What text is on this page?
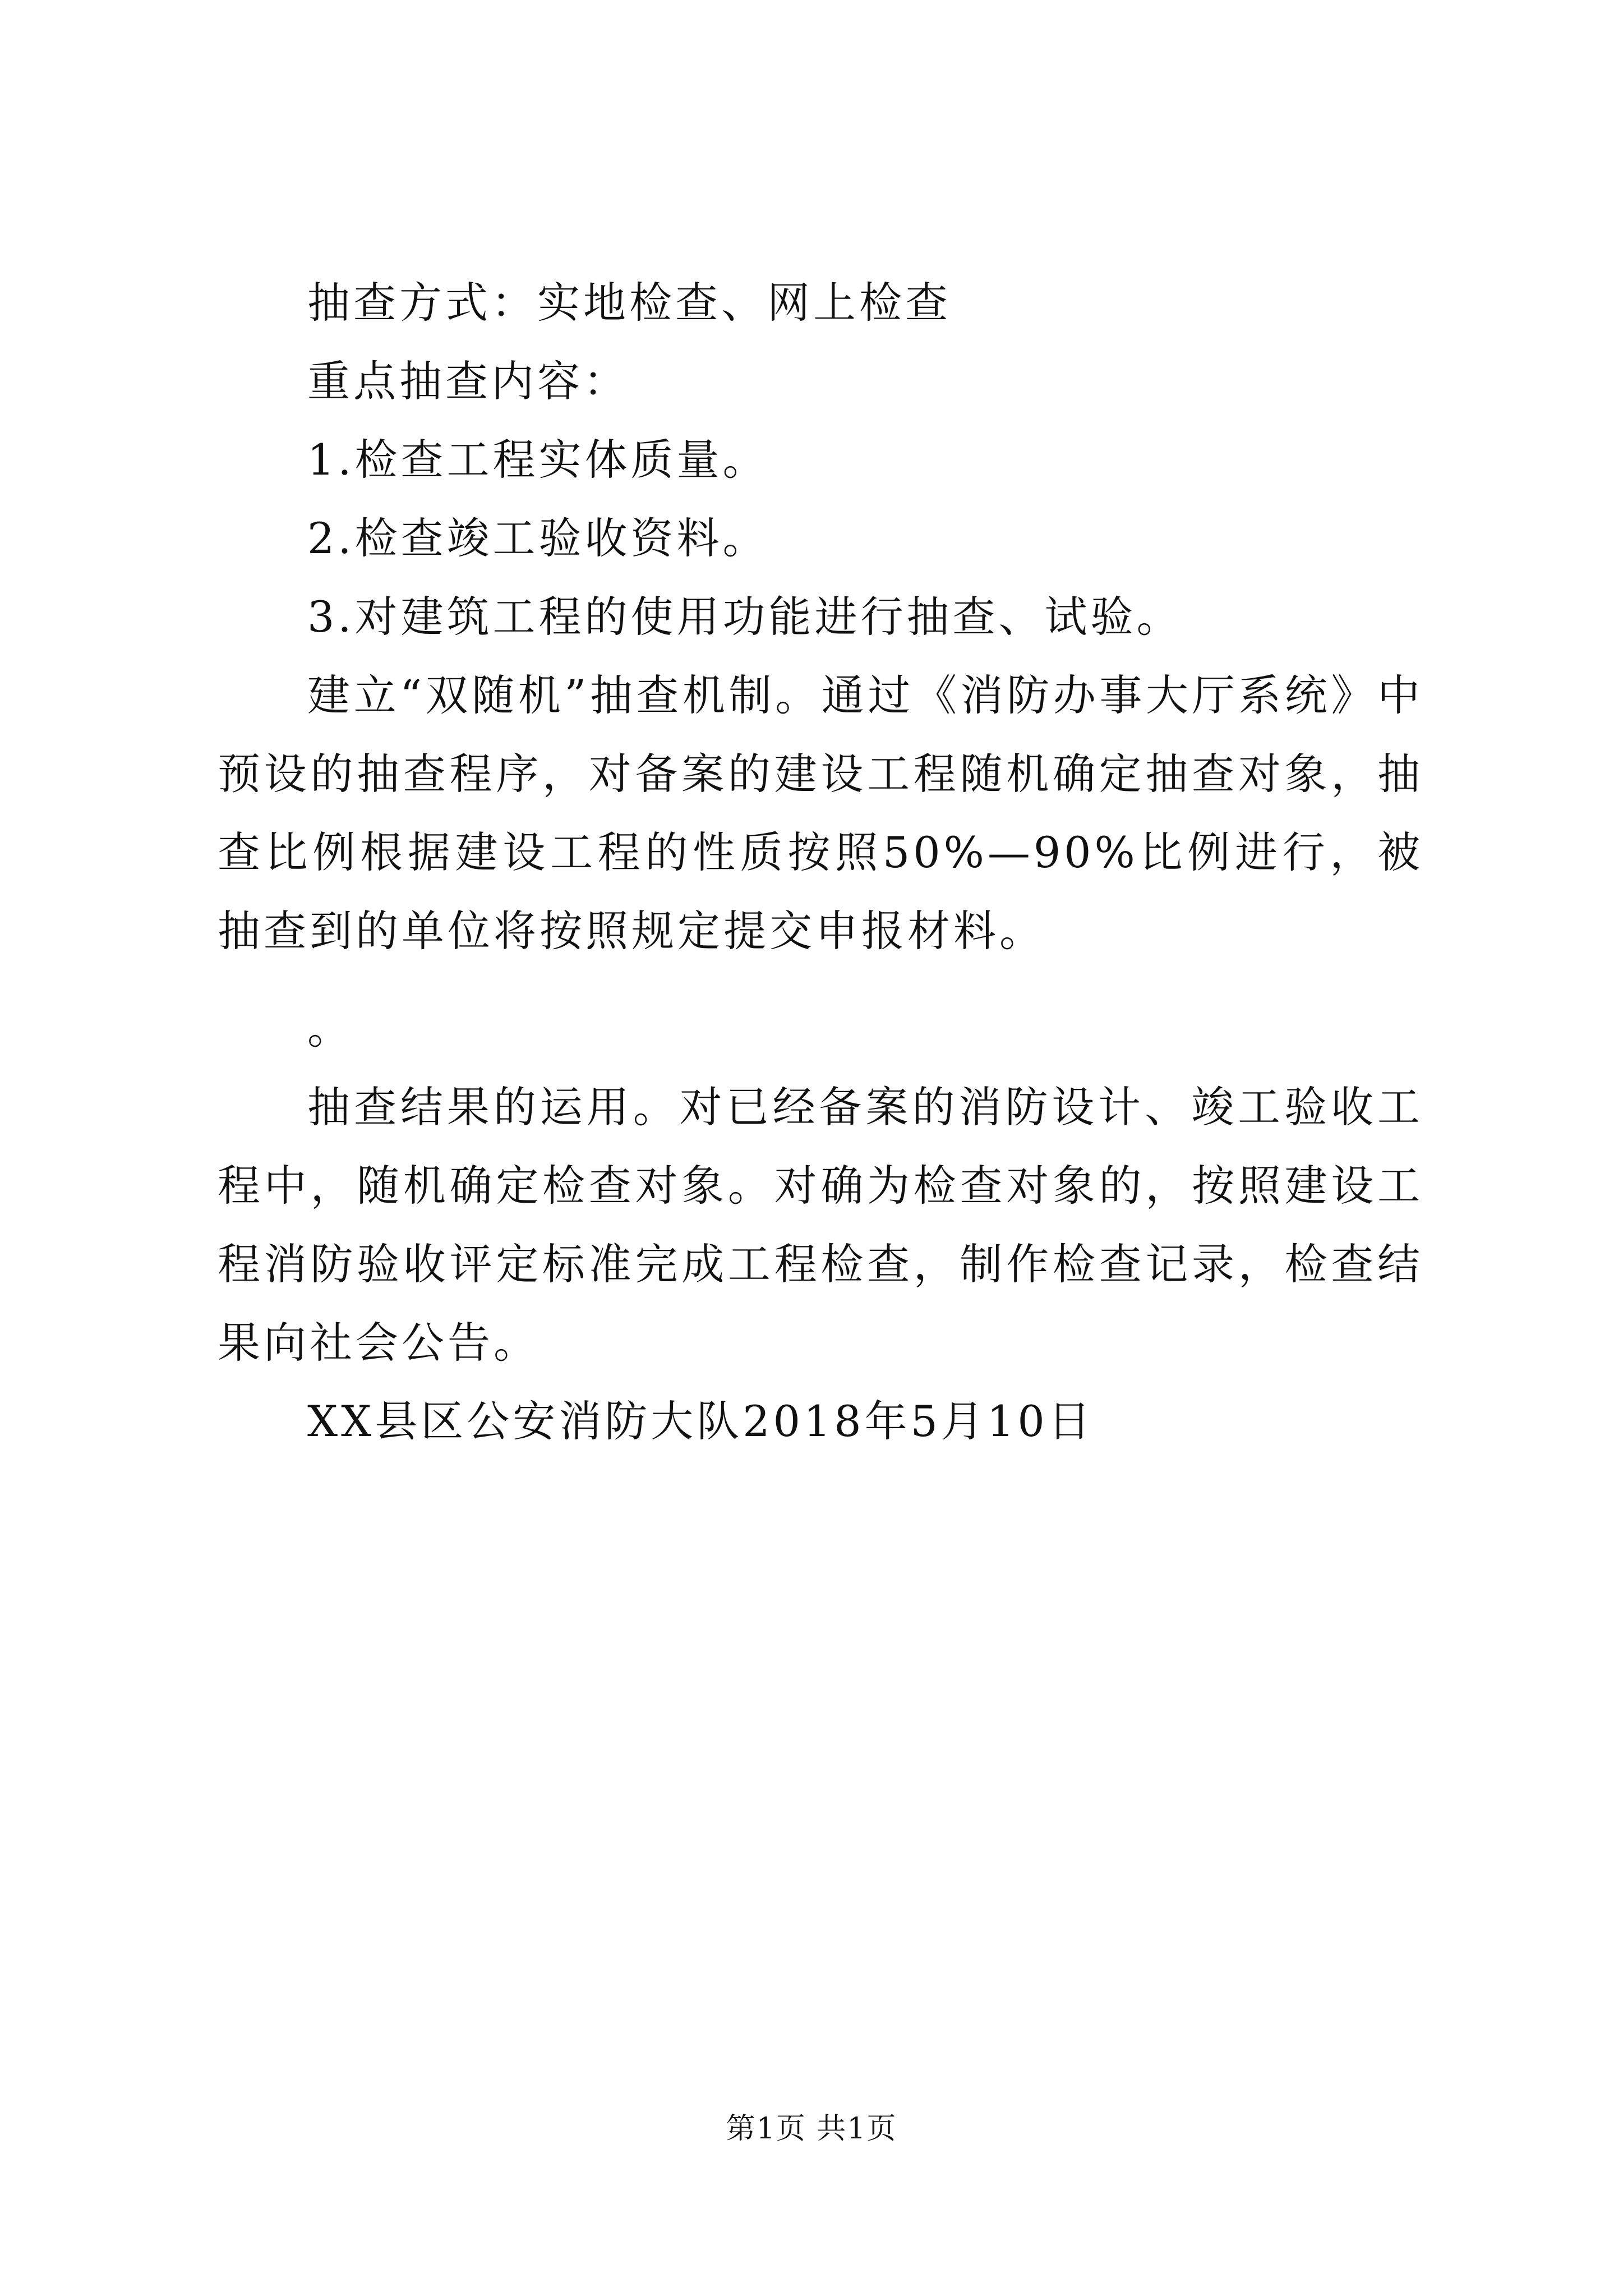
抽查方式：实地检查、网上检查

重点抽查内容：

1.检查工程实体质量。

2.检查竣工验收资料。

3.对建筑工程的使用功能进行抽查、试验。

建立“双随机”抽查机制。通过《消防办事大厅系统》中预设的抽查程序，对备案的建设工程随机确定抽查对象，抽查比例根据建设工程的性质按照50%—90%比例进行，被抽查到的单位将按照规定提交申报材料。

。

抽查结果的运用。对已经备案的消防设计、竣工验收工程中，随机确定检查对象。对确为检查对象的，按照建设工程消防验收评定标准完成工程检查，制作检查记录，检查结果向社会公告。

XX县区公安消防大队2018年5月10日

第1页 共1页
